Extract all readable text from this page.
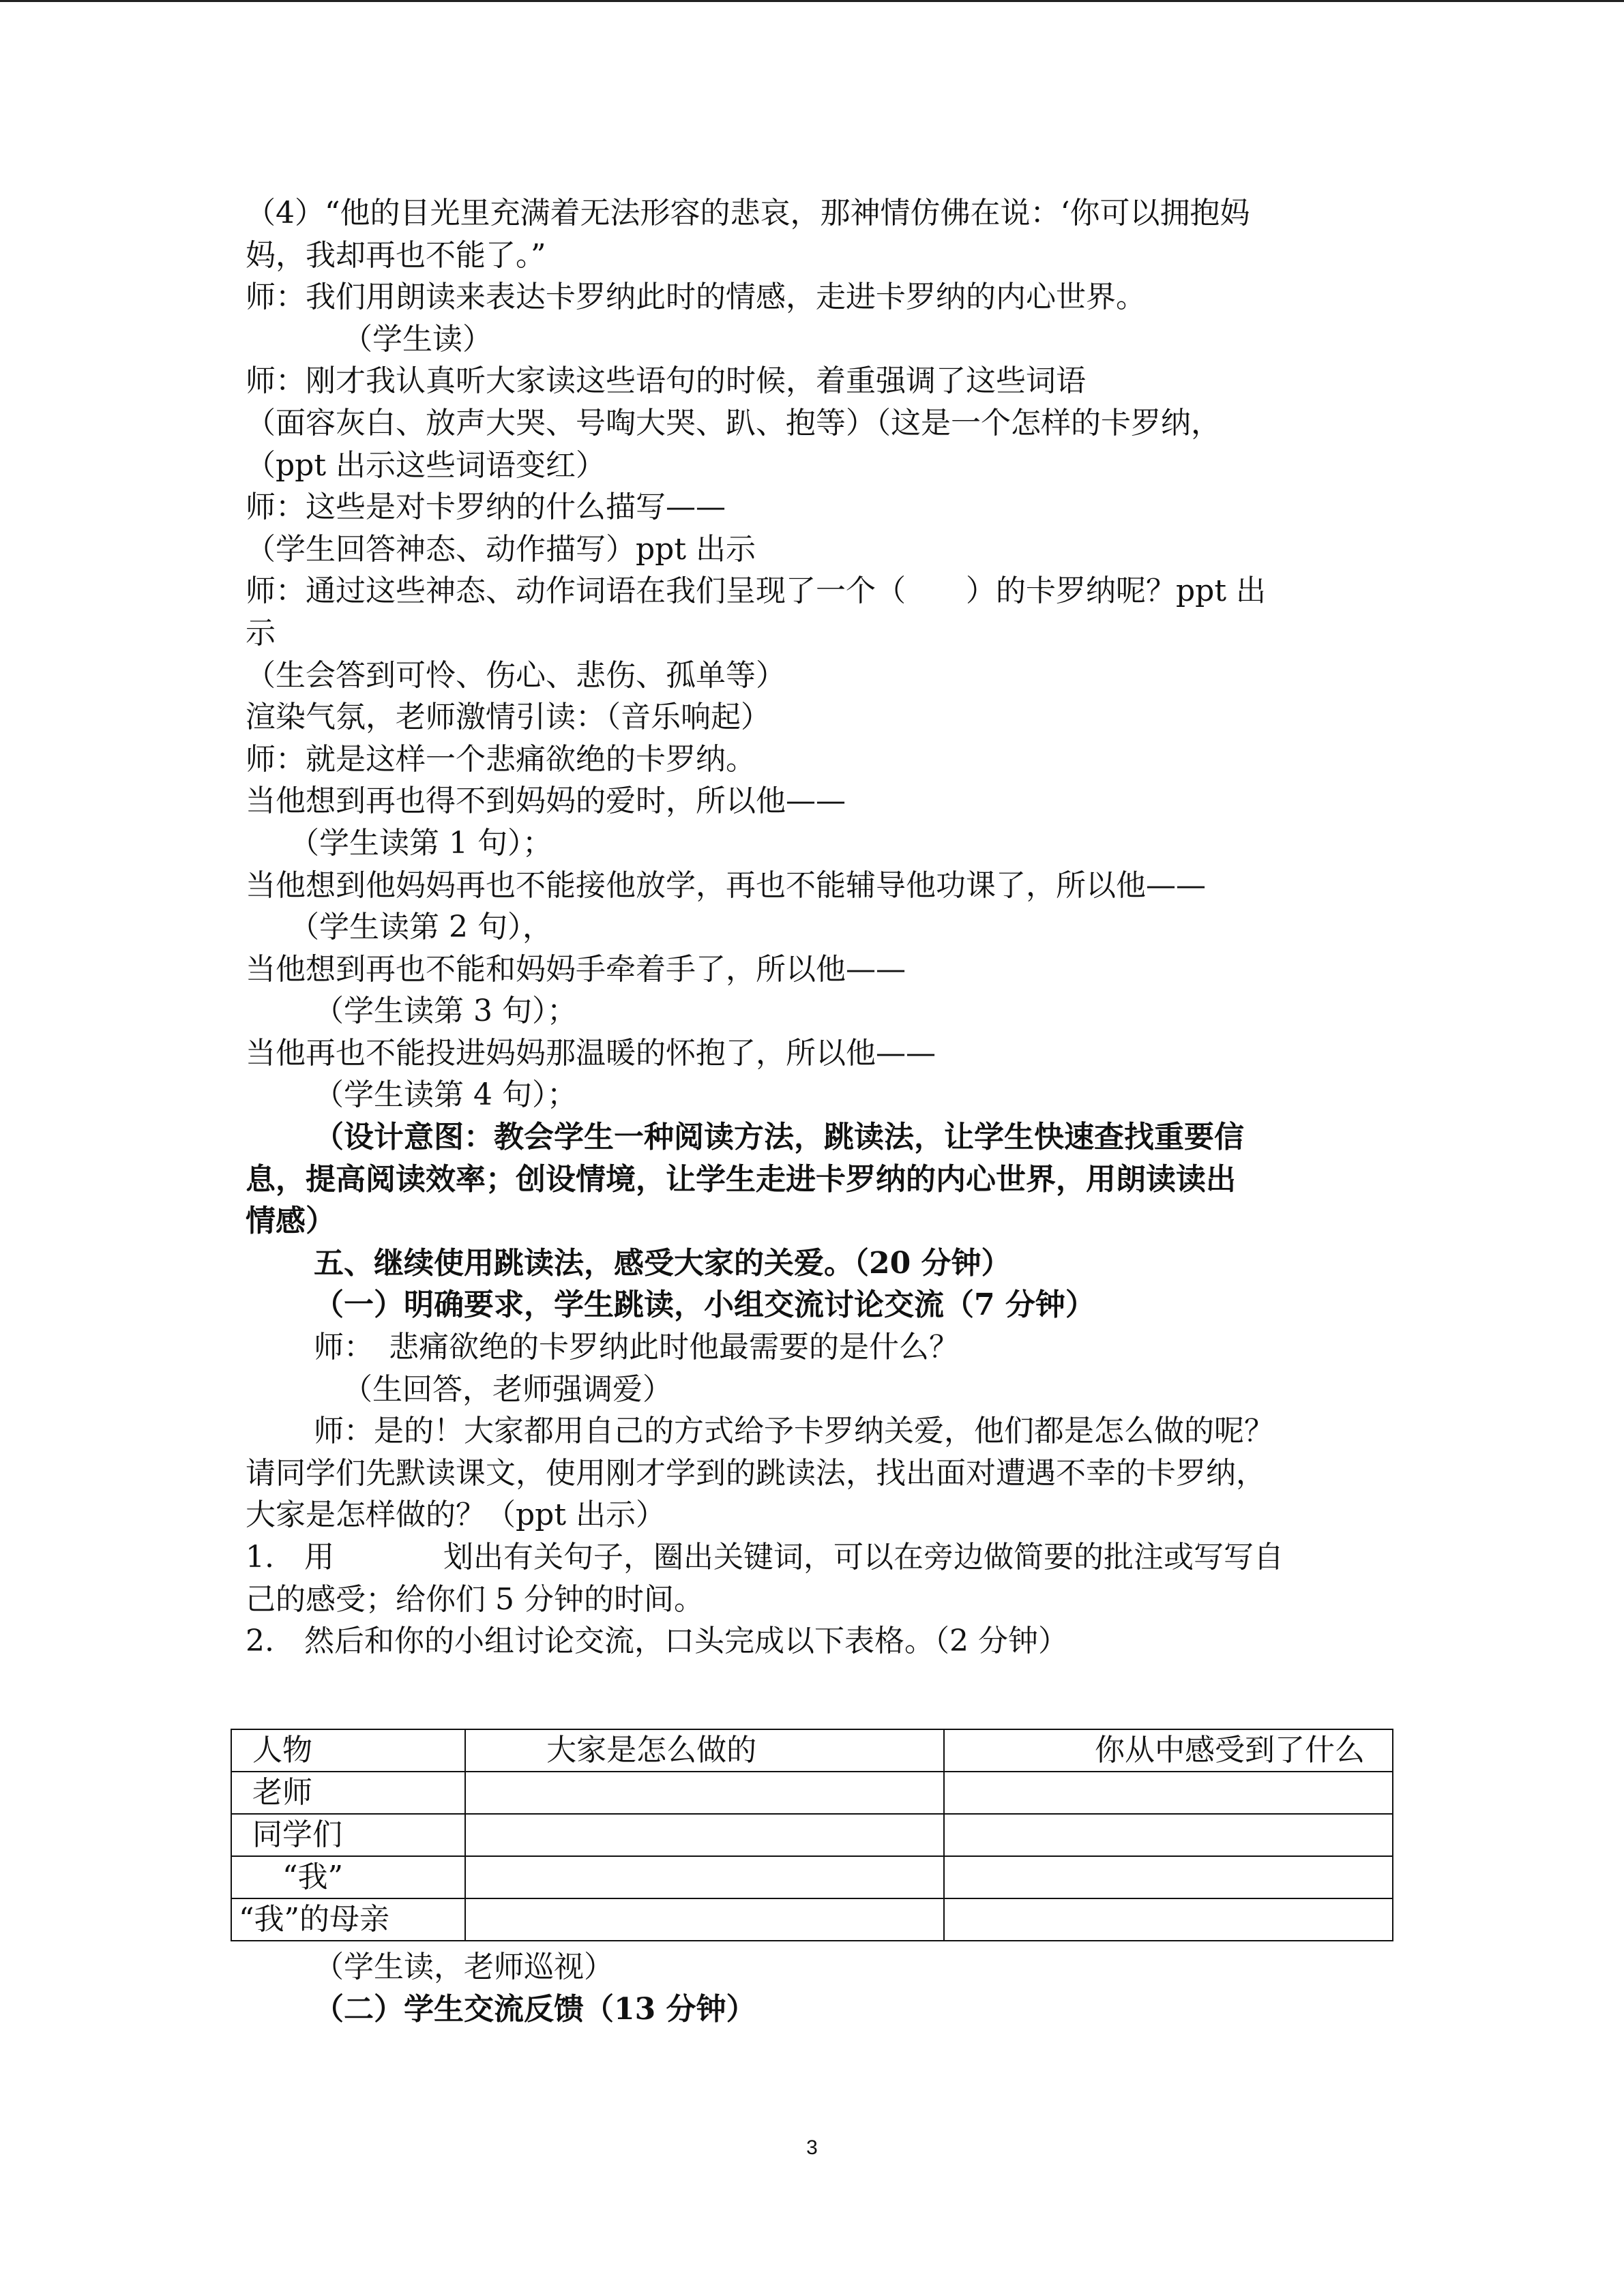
（4）“他的目光里充满着无法形容的悲哀，那神情仿佛在说：‘你可以拥抱妈
妈，我却再也不能了。”
师：我们用朗读来表达卡罗纳此时的情感，走进卡罗纳的内心世界。
（学生读）
师：刚才我认真听大家读这些语句的时候，着重强调了这些词语
（面容灰白、放声大哭、号啕大哭、趴、抱等）（这是一个怎样的卡罗纳，
（ppt 出示这些词语变红）
师：这些是对卡罗纳的什么描写——
（学生回答神态、动作描写）ppt 出示
师：通过这些神态、动作词语在我们呈现了一个（　　）的卡罗纳呢？ppt 出
示
（生会答到可怜、伤心、悲伤、孤单等）
渲染气氛，老师激情引读：（音乐响起）
师：就是这样一个悲痛欲绝的卡罗纳。
当他想到再也得不到妈妈的爱时，所以他——
（学生读第 1 句）；
当他想到他妈妈再也不能接他放学，再也不能辅导他功课了，所以他——
（学生读第 2 句），
当他想到再也不能和妈妈手牵着手了，所以他——
（学生读第 3 句）；
当他再也不能投进妈妈那温暖的怀抱了，所以他——
（学生读第 4 句）；
（设计意图：教会学生一种阅读方法，跳读法，让学生快速查找重要信
息，提高阅读效率；创设情境，让学生走进卡罗纳的内心世界，用朗读读出
情感）
五、继续使用跳读法，感受大家的关爱。（20 分钟）
（一）明确要求，学生跳读，小组交流讨论交流（7 分钟）
师：　悲痛欲绝的卡罗纳此时他最需要的是什么？
（生回答，老师强调爱）
师：是的！大家都用自己的方式给予卡罗纳关爱，他们都是怎么做的呢？
请同学们先默读课文，使用刚才学到的跳读法，找出面对遭遇不幸的卡罗纳，
大家是怎样做的？（ppt 出示）
1.　用	划出有关句子，圈出关键词，可以在旁边做简要的批注或写写自
己的感受；给你们 5 分钟的时间。
2.　然后和你的小组讨论交流，口头完成以下表格。（2 分钟）
人物	大家是怎么做的	你从中感受到了什么
老师		
同学们		
　“我”		
“我”的母亲		
（学生读，老师巡视）
（二）学生交流反馈（13 分钟）
3
